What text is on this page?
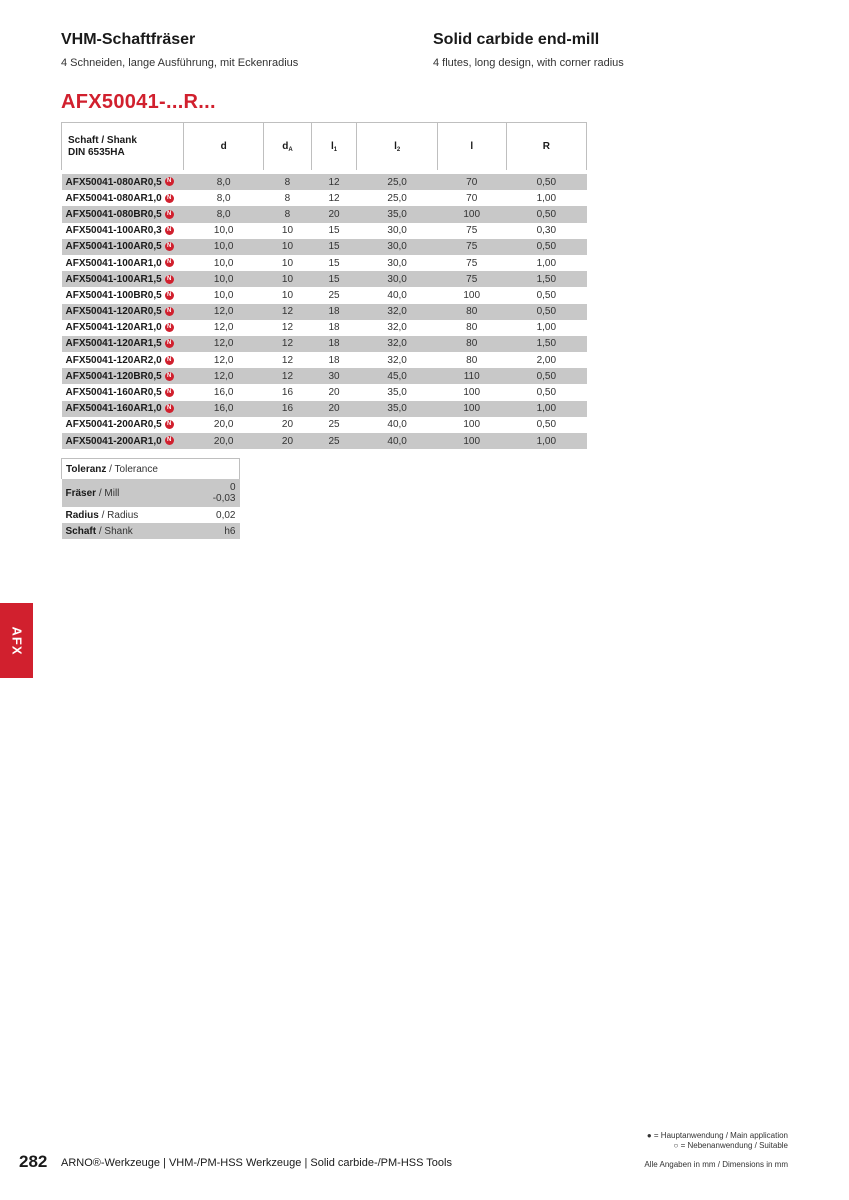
VHM-Schaftfräser
4 Schneiden, lange Ausführung, mit Eckenradius
Solid carbide end-mill
4 flutes, long design, with corner radius
AFX50041-...R...
Schaft / Shank
DIN 6535HA	d	$d_A$	$l_1$	$l_2$	l	R

AFX50041-080AR0,5 N	8,0	8	12	25,0	70	0,50
AFX50041-080AR1,0 N	8,0	8	12	25,0	70	1,00
AFX50041-080BR0,5 N	8,0	8	20	35,0	100	0,50
AFX50041-100AR0,3 N	10,0	10	15	30,0	75	0,30
AFX50041-100AR0,5 N	10,0	10	15	30,0	75	0,50
AFX50041-100AR1,0 N	10,0	10	15	30,0	75	1,00
AFX50041-100AR1,5 N	10,0	10	15	30,0	75	1,50
AFX50041-100BR0,5 N	10,0	10	25	40,0	100	0,50
AFX50041-120AR0,5 N	12,0	12	18	32,0	80	0,50
AFX50041-120AR1,0 N	12,0	12	18	32,0	80	1,00
AFX50041-120AR1,5 N	12,0	12	18	32,0	80	1,50
AFX50041-120AR2,0 N	12,0	12	18	32,0	80	2,00
AFX50041-120BR0,5 N	12,0	12	30	45,0	110	0,50
AFX50041-160AR0,5 N	16,0	16	20	35,0	100	0,50
AFX50041-160AR1,0 N	16,0	16	20	35,0	100	1,00
AFX50041-200AR0,5 N	20,0	20	25	40,0	100	0,50
AFX50041-200AR1,0 N	20,0	20	25	40,0	100	1,00
Toleranz / Tolerance	
Fräser / Mill	0
-0,03

Radius / Radius	0,02
Schaft / Shank	h6
AFX
● = Hauptanwendung / Main application
○ = Nebenanwendung / Suitable
Alle Angaben in mm / Dimensions in mm
282 ARNO®-Werkzeuge | VHM-/PM-HSS Werkzeuge | Solid carbide-/PM-HSS Tools
